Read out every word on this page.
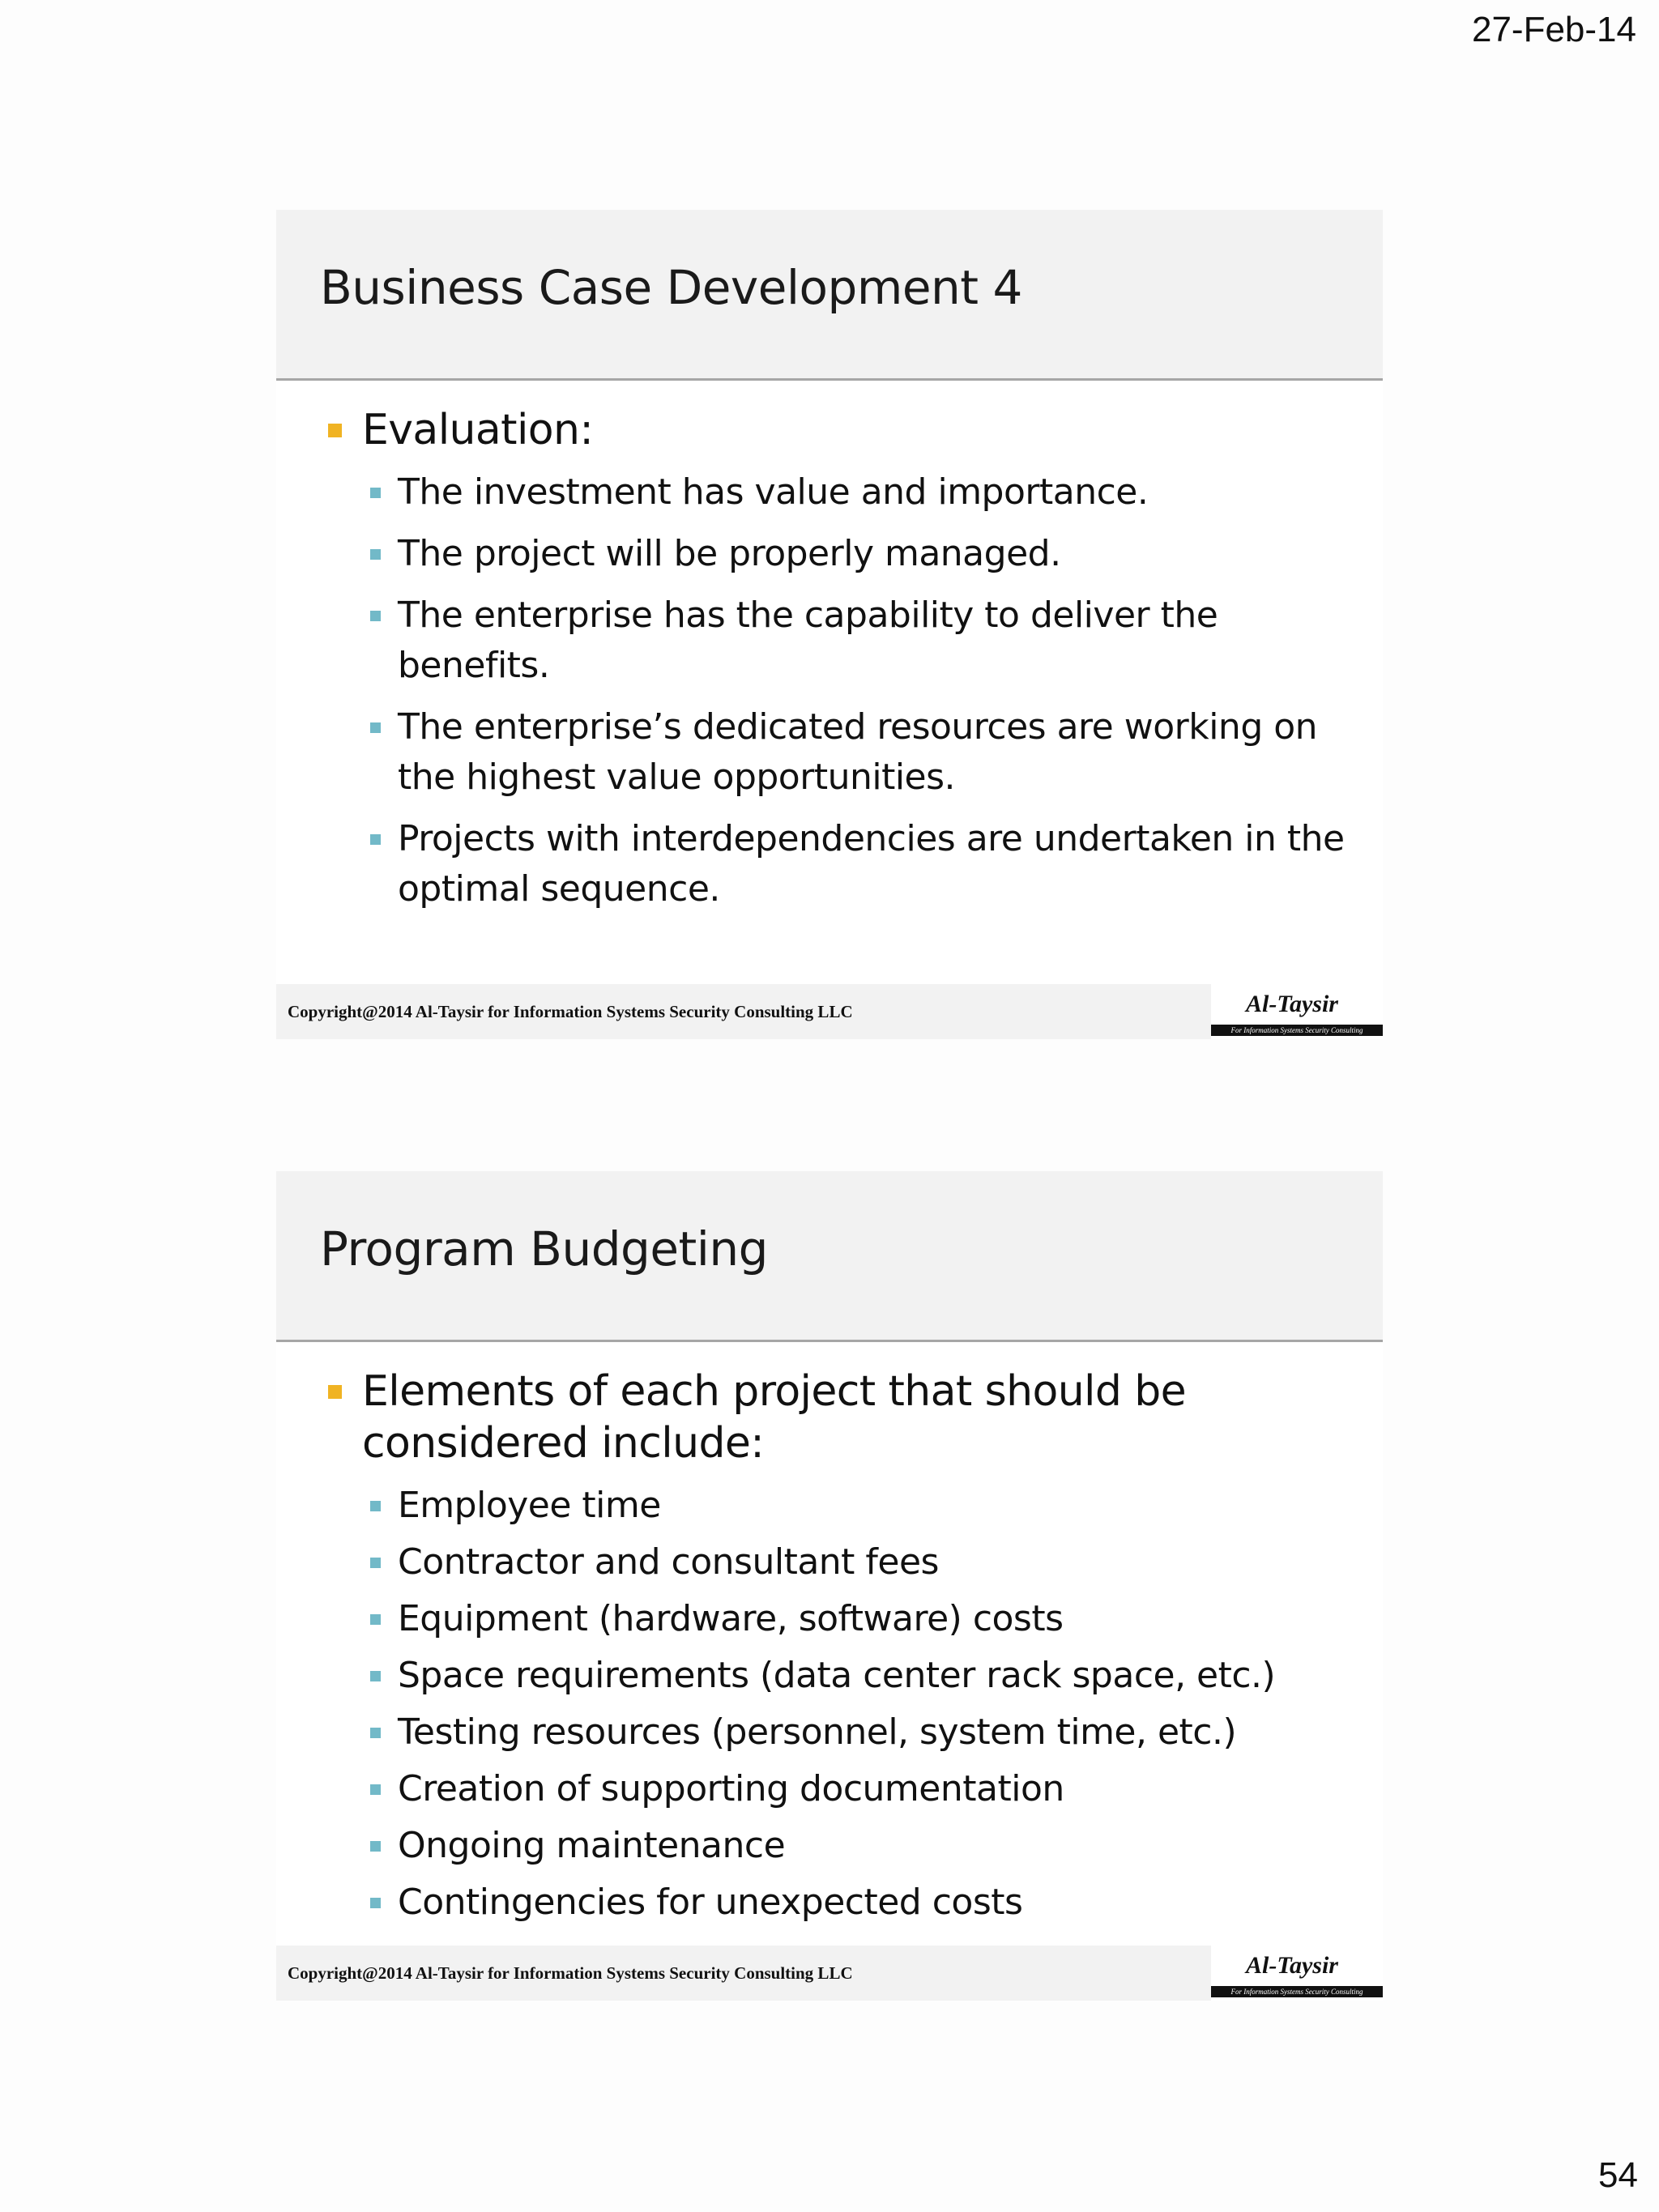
27-Feb-14
Business Case Development 4
Evaluation:
The investment has value and importance.
The project will be properly managed.
The enterprise has the capability to deliver the benefits.
The enterprise’s dedicated resources are working on the highest value opportunities.
Projects with interdependencies are undertaken in the optimal sequence.
Copyright@2014 Al-Taysir for Information Systems Security Consulting LLC	Al-Taysir
For Information Systems Security Consulting
Program Budgeting
Elements of each project that should be considered include:
Employee time
Contractor and consultant fees
Equipment (hardware, software) costs
Space requirements (data center rack space, etc.)
Testing resources (personnel, system time, etc.)
Creation of supporting documentation
Ongoing maintenance
Contingencies for unexpected costs
Copyright@2014 Al-Taysir for Information Systems Security Consulting LLC	Al-Taysir
For Information Systems Security Consulting
54
